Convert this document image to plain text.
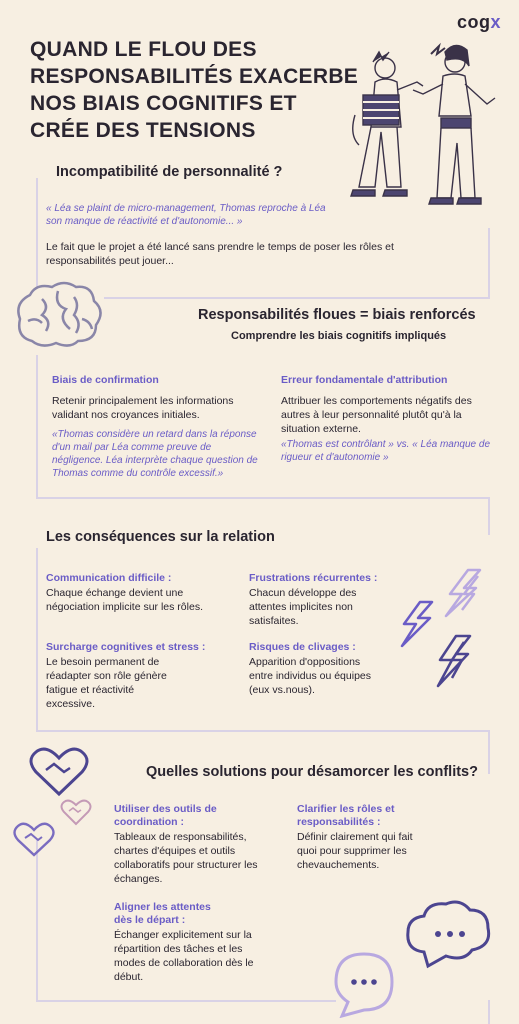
cogx
QUAND LE FLOU DES RESPONSABILITÉS EXACERBE NOS BIAIS COGNITIFS ET CRÉE DES TENSIONS
Incompatibilité de personnalité ?
« Léa se plaint de micro-management, Thomas reproche à Léa son manque de réactivité et d'autonomie... »
Le fait que le projet a été lancé sans prendre le temps de poser les rôles et responsabilités peut jouer...
Responsabilités floues = biais renforcés
Comprendre les biais cognitifs impliqués
Biais de confirmation
Retenir principalement les informations validant nos croyances initiales.
«Thomas considère un retard dans la réponse d'un mail par Léa comme preuve de négligence. Léa interprète chaque question de Thomas comme du contrôle excessif.»
Erreur fondamentale d'attribution
Attribuer les comportements négatifs des autres à leur personnalité plutôt qu'à la situation externe.
«Thomas est contrôlant » vs. « Léa manque de rigueur et d'autonomie »
Les conséquences sur la relation
Communication difficile :
Chaque échange devient une négociation implicite sur les rôles.
Frustrations récurrentes :
Chacun développe des attentes implicites non satisfaites.
Surcharge cognitives et stress :
Le besoin permanent de réadapter son rôle génère fatigue et réactivité excessive.
Risques de clivages :
Apparition d'oppositions entre individus ou équipes (eux vs.nous).
Quelles solutions pour désamorcer les conflits?
Utiliser des outils de coordination :
Tableaux de responsabilités, chartes d'équipes et outils collaboratifs pour structurer les échanges.
Clarifier les rôles et responsabilités :
Définir clairement qui fait quoi pour supprimer les chevauchements.
Aligner les attentes dès le départ :
Échanger explicitement sur la répartition des tâches et les modes de collaboration dès le début.
